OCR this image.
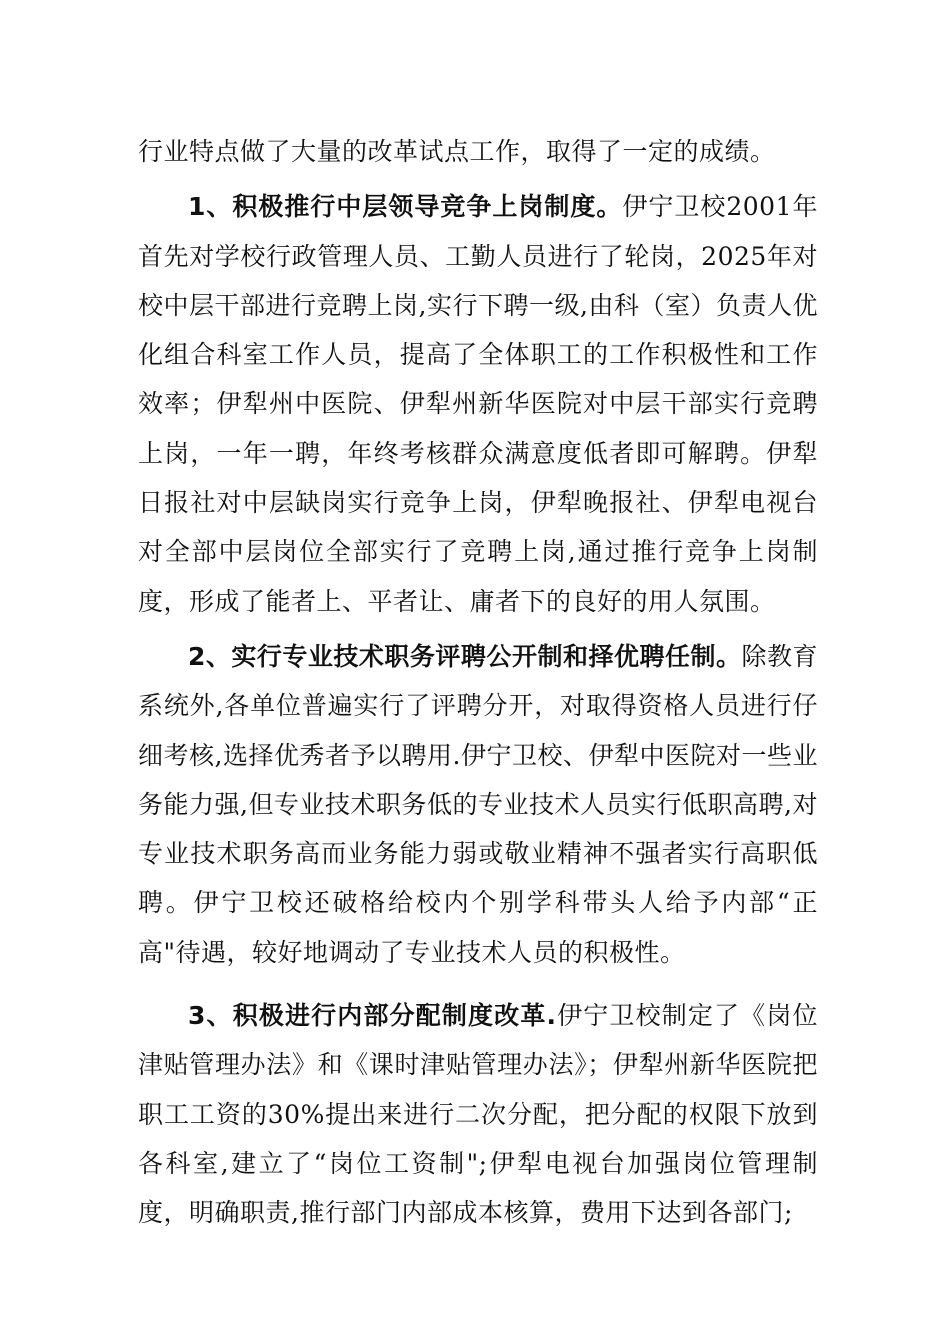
行业特点做了大量的改革试点工作，取得了一定的成绩。

1、积极推行中层领导竞争上岗制度。伊宁卫校2001年首先对学校行政管理人员、工勤人员进行了轮岗，2025年对校中层干部进行竞聘上岗,实行下聘一级,由科（室）负责人优化组合科室工作人员，提高了全体职工的工作积极性和工作效率；伊犁州中医院、伊犁州新华医院对中层干部实行竞聘上岗，一年一聘，年终考核群众满意度低者即可解聘。伊犁日报社对中层缺岗实行竞争上岗，伊犁晚报社、伊犁电视台对全部中层岗位全部实行了竞聘上岗,通过推行竞争上岗制度，形成了能者上、平者让、庸者下的良好的用人氛围。

2、实行专业技术职务评聘公开制和择优聘任制。除教育系统外,各单位普遍实行了评聘分开，对取得资格人员进行仔细考核,选择优秀者予以聘用.伊宁卫校、伊犁中医院对一些业务能力强,但专业技术职务低的专业技术人员实行低职高聘,对专业技术职务高而业务能力弱或敬业精神不强者实行高职低聘。伊宁卫校还破格给校内个别学科带头人给予内部“正高"待遇，较好地调动了专业技术人员的积极性。

3、积极进行内部分配制度改革.伊宁卫校制定了《岗位津贴管理办法》和《课时津贴管理办法》；伊犁州新华医院把职工工资的30%提出来进行二次分配，把分配的权限下放到各科室,建立了“岗位工资制";伊犁电视台加强岗位管理制度，明确职责,推行部门内部成本核算，费用下达到各部门;
